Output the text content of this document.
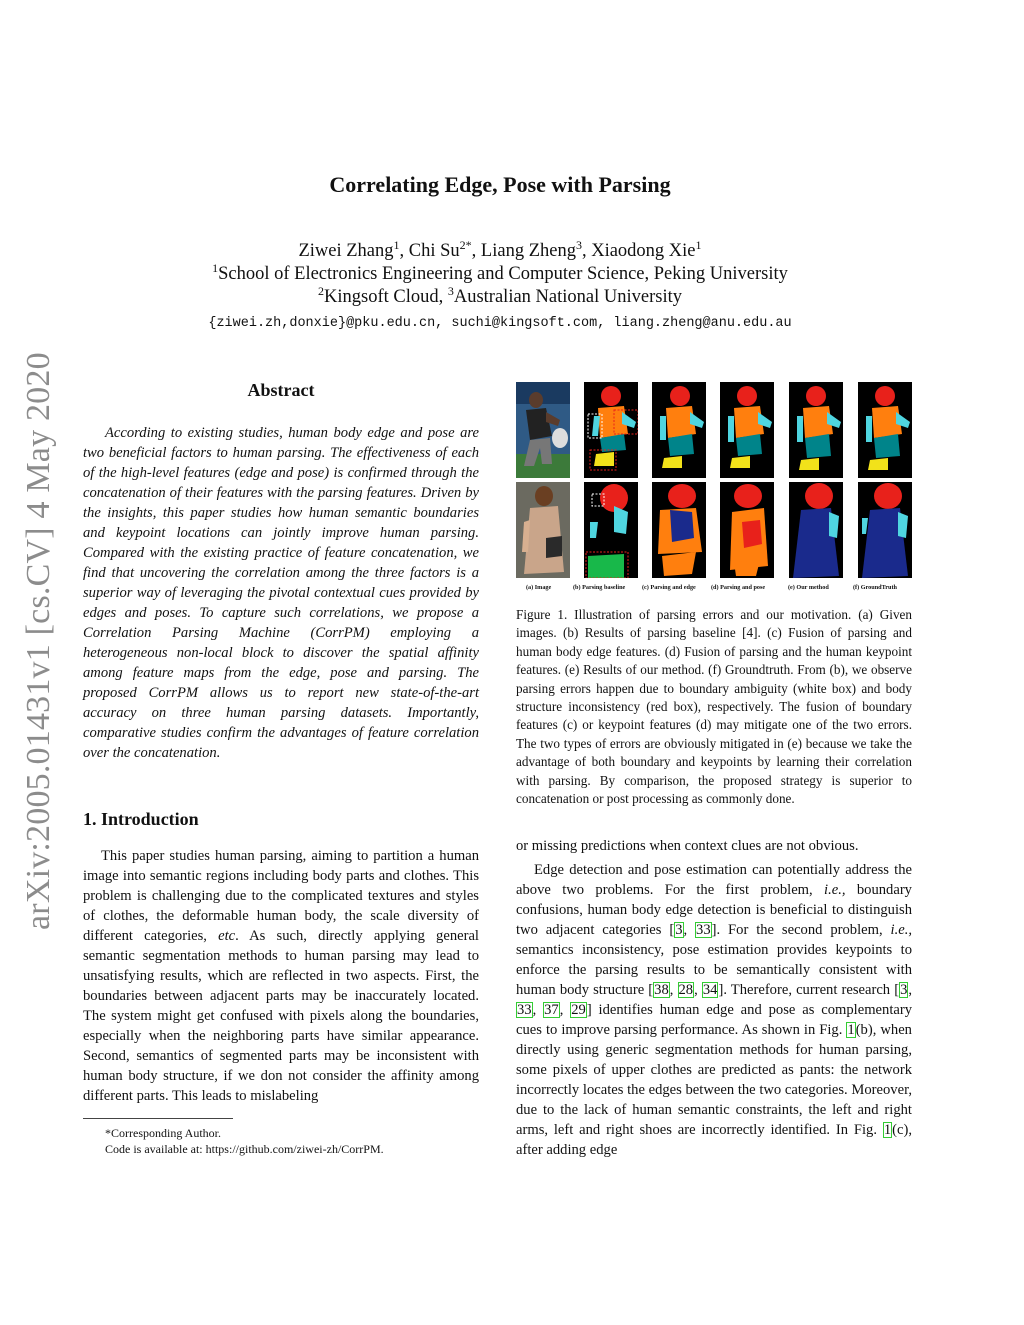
arXiv:2005.01431v1 [cs.CV] 4 May 2020
Correlating Edge, Pose with Parsing
Ziwei Zhang$^1$, Chi $Su^{2*}$, Liang Zheng$^3$, Xiaodong Xie$^1$
$^1$School of Electronics Engineering and Computer Science, Peking University
$^2$Kingsoft Cloud, $^3$Australian National University
{ziwei.zh,donxie}@pku.edu.cn, suchi@kingsoft.com, liang.zheng@anu.edu.au
Abstract

According to existing studies, human body edge and pose are two beneficial factors to human parsing. The effectiveness of each of the high-level features (edge and pose) is confirmed through the concatenation of their features with the parsing features. Driven by the insights, this paper studies how human semantic boundaries and keypoint locations can jointly improve human parsing. Compared with the existing practice of feature concatenation, we find that uncovering the correlation among the three factors is a superior way of leveraging the pivotal contextual cues provided by edges and poses. To capture such correlations, we propose a Correlation Parsing Machine (CorrPM) employing a heterogeneous non-local block to discover the spatial affinity among feature maps from the edge, pose and parsing. The proposed CorrPM allows us to report new state-of-the-art accuracy on three human parsing datasets. Importantly, comparative studies confirm the advantages of feature correlation over the concatenation.

1. Introduction

This paper studies human parsing, aiming to partition a human image into semantic regions including body parts and clothes. This problem is challenging due to the complicated textures and styles of clothes, the deformable human body, the scale diversity of different categories, etc. As such, directly applying general semantic segmentation methods to human parsing may lead to unsatisfying results, which are reflected in two aspects. First, the boundaries between adjacent parts may be inaccurately located. The system might get confused with pixels along the boundaries, especially when the neighboring parts have similar appearance. Second, semantics of segmented parts may be inconsistent with human body structure, if we don not consider the affinity among different parts. This leads to mislabeling

*Corresponding Author.
Code is available at: https://github.com/ziwei-zh/CorrPM.
(a) Image	(b) Parsing baseline	(c) Parsing and edge (d) Parsing and pose	(e) Our method	(f) GroundTruth

Figure 1. Illustration of parsing errors and our motivation. (a) Given images. (b) Results of parsing baseline [4]. (c) Fusion of parsing and human body edge features. (d) Fusion of parsing and the human keypoint features. (e) Results of our method. (f) Groundtruth. From (b), we observe parsing errors happen due to boundary ambiguity (white box) and body structure inconsistency (red box), respectively. The fusion of boundary features (c) or keypoint features (d) may mitigate one of the two errors. The two types of errors are obviously mitigated in (e) because we take the advantage of both boundary and keypoints by learning their correlation with parsing. By comparison, the proposed strategy is superior to concatenation or post processing as commonly done.

or missing predictions when context clues are not obvious.

Edge detection and pose estimation can potentially address the above two problems. For the first problem, i.e., boundary confusions, human body edge detection is beneficial to distinguish two adjacent categories [3, 33]. For the second problem, i.e., semantics inconsistency, pose estimation provides keypoints to enforce the parsing results to be semantically consistent with human body structure [38, 28, 34]. Therefore, current research [3, 33, 37, 29] identifies human edge and pose as complementary cues to improve parsing performance. As shown in Fig. 1(b), when directly using generic segmentation methods for human parsing, some pixels of upper clothes are predicted as pants: the network incorrectly locates the edges between the two categories. Moreover, due to the lack of human semantic constraints, the left and right arms, left and right shoes are incorrectly identified. In Fig. 1(c), after adding edge
